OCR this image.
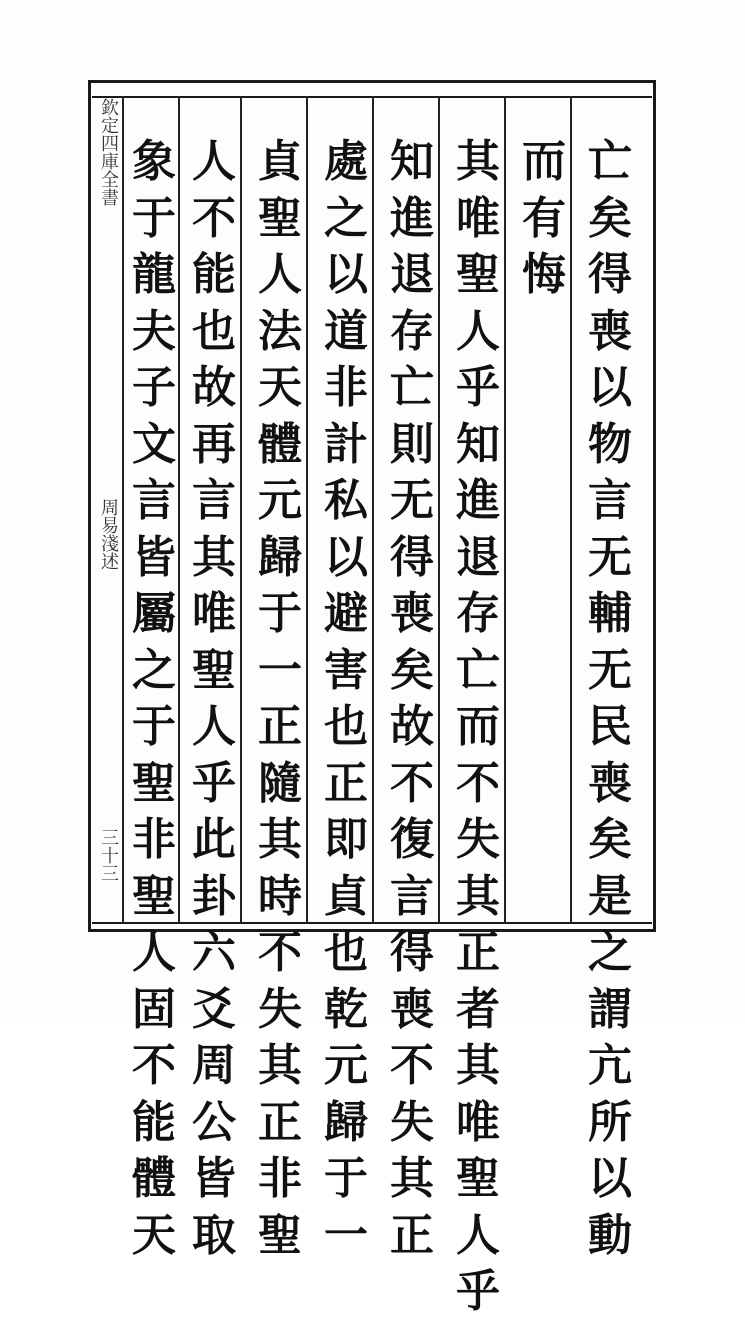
欽定四庫全書
周易淺述
三十三
亡
矣
得
喪
以
物
言
无
輔
无
民
喪
矣
是
之
謂
亢
所
以
動
而
有
悔
其
唯
聖
人
乎
知
進
退
存
亡
而
不
失
其
正
者
其
唯
聖
人
乎
知
進
退
存
亡
則
无
得
喪
矣
故
不
復
言
得
喪
不
失
其
正
處
之
以
道
非
計
私
以
避
害
也
正
即
貞
也
乾
元
歸
于
一
貞
聖
人
法
天
體
元
歸
于
一
正
隨
其
時
不
失
其
正
非
聖
人
不
能
也
故
再
言
其
唯
聖
人
乎
此
卦
六
爻
周
公
皆
取
象
于
龍
夫
子
文
言
皆
屬
之
于
聖
非
聖
人
固
不
能
體
天
